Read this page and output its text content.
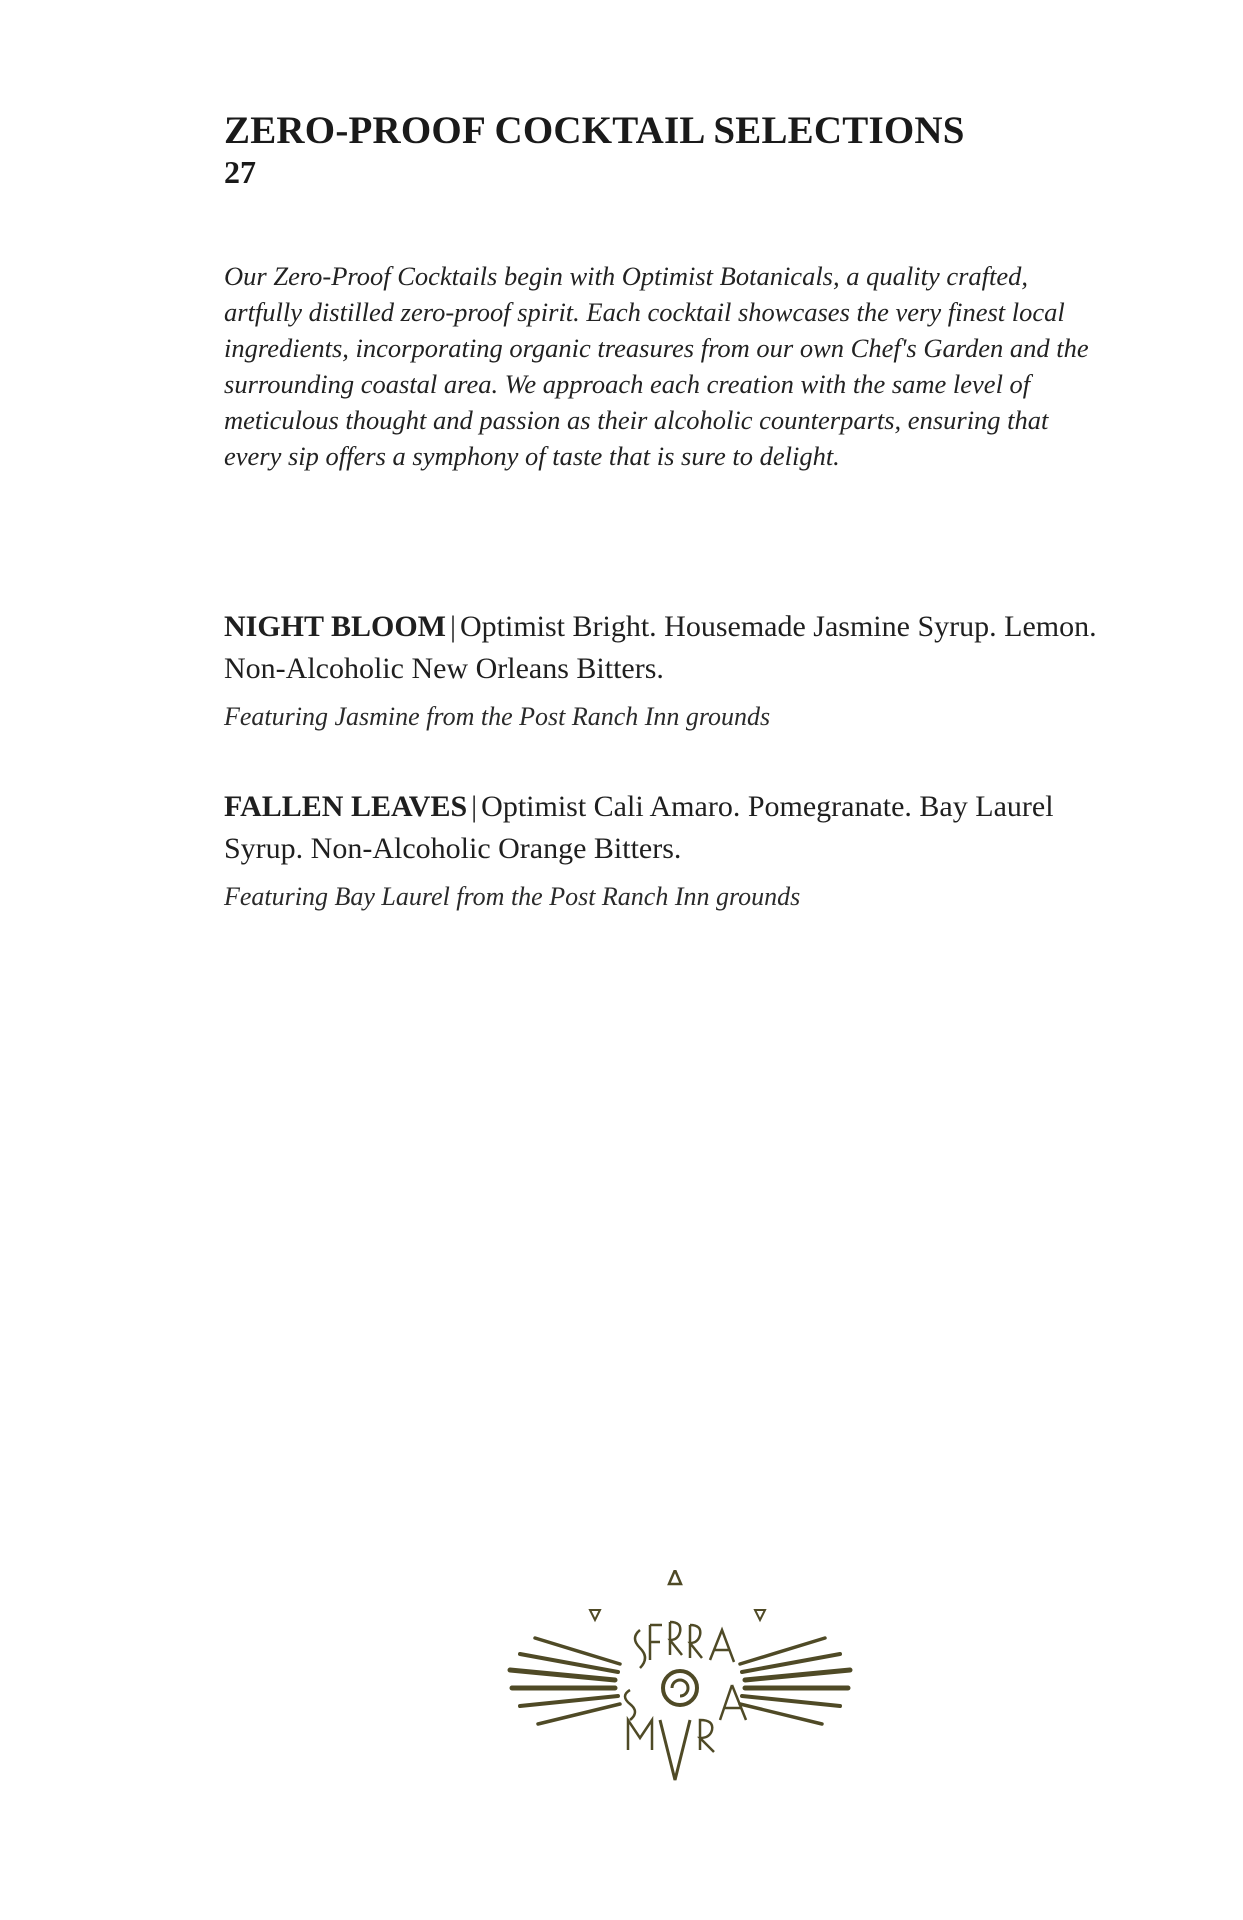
ZERO-PROOF COCKTAIL SELECTIONS
27
Our Zero-Proof Cocktails begin with Optimist Botanicals, a quality crafted, artfully distilled zero-proof spirit. Each cocktail showcases the very finest local ingredients, incorporating organic treasures from our own Chef's Garden and the surrounding coastal area. We approach each creation with the same level of meticulous thought and passion as their alcoholic counterparts, ensuring that every sip offers a symphony of taste that is sure to delight.
NIGHT BLOOM | Optimist Bright. Housemade Jasmine Syrup. Lemon. Non-Alcoholic New Orleans Bitters.
Featuring Jasmine from the Post Ranch Inn grounds
FALLEN LEAVES | Optimist Cali Amaro. Pomegranate. Bay Laurel Syrup. Non-Alcoholic Orange Bitters.
Featuring Bay Laurel from the Post Ranch Inn grounds
